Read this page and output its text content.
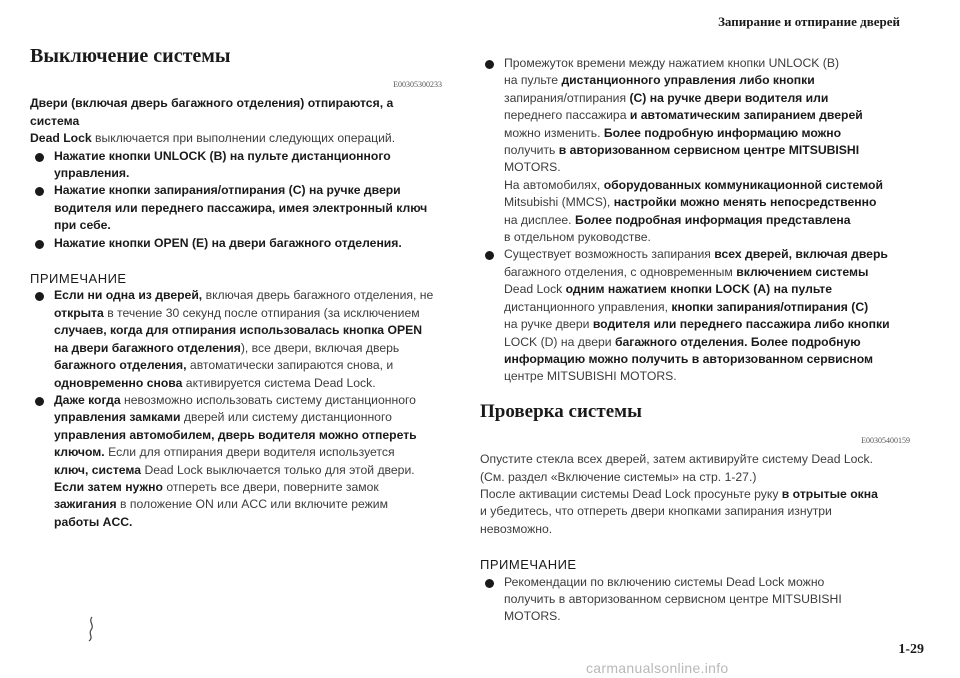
Запирание и отпирание дверей
Выключение системы
E00305300233

Двери (включая дверь багажного отделения) отпираются, а система
Dead Lock выключается при выполнении следующих операций.

Нажатие кнопки UNLOCK (B) на пульте дистанционного
управления.

Нажатие кнопки запирания/отпирания (C) на ручке двери
водителя или переднего пассажира, имея электронный ключ
при себе.

Нажатие кнопки OPEN (E) на двери багажного отделения.

ПРИМЕЧАНИЕ

Если ни одна из дверей, включая дверь багажного отделения, не
открыта в течение 30 секунд после отпирания (за исключением
случаев, когда для отпирания использовалась кнопка OPEN
на двери багажного отделения), все двери, включая дверь
багажного отделения, автоматически запираются снова, и
одновременно снова активируется система Dead Lock.

Даже когда невозможно использовать систему дистанционного
управления замками дверей или систему дистанционного
управления автомобилем, дверь водителя можно отпереть
ключом. Если для отпирания двери водителя используется
ключ, система Dead Lock выключается только для этой двери.
Если затем нужно отпереть все двери, поверните замок
зажигания в положение ON или ACC или включите режим
работы ACC.

Промежуток времени между нажатием кнопки UNLOCK (B)
на пульте дистанционного управления либо кнопки
запирания/отпирания (C) на ручке двери водителя или
переднего пассажира и автоматическим запиранием дверей
можно изменить. Более подробную информацию можно
получить в авторизованном сервисном центре MITSUBISHI
MOTORS.
На автомобилях, оборудованных коммуникационной системой
Mitsubishi (MMCS), настройки можно менять непосредственно
на дисплее. Более подробная информация представлена
в отдельном руководстве.

Существует возможность запирания всех дверей, включая дверь
багажного отделения, с одновременным включением системы
Dead Lock одним нажатием кнопки LOCK (A) на пульте
дистанционного управления, кнопки запирания/отпирания (C)
на ручке двери водителя или переднего пассажира либо кнопки
LOCK (D) на двери багажного отделения. Более подробную
информацию можно получить в авторизованном сервисном
центре MITSUBISHI MOTORS.

Проверка системы
E00305400159

Опустите стекла всех дверей, затем активируйте систему Dead Lock.
(См. раздел «Включение системы» на стр. 1-27.)
После активации системы Dead Lock просуньте руку в отрытые окна
и убедитесь, что отпереть двери кнопками запирания изнутри
невозможно.

ПРИМЕЧАНИЕ

Рекомендации по включению системы Dead Lock можно
получить в авторизованном сервисном центре MITSUBISHI
MOTORS.

1-29
carmanualsonline.info
